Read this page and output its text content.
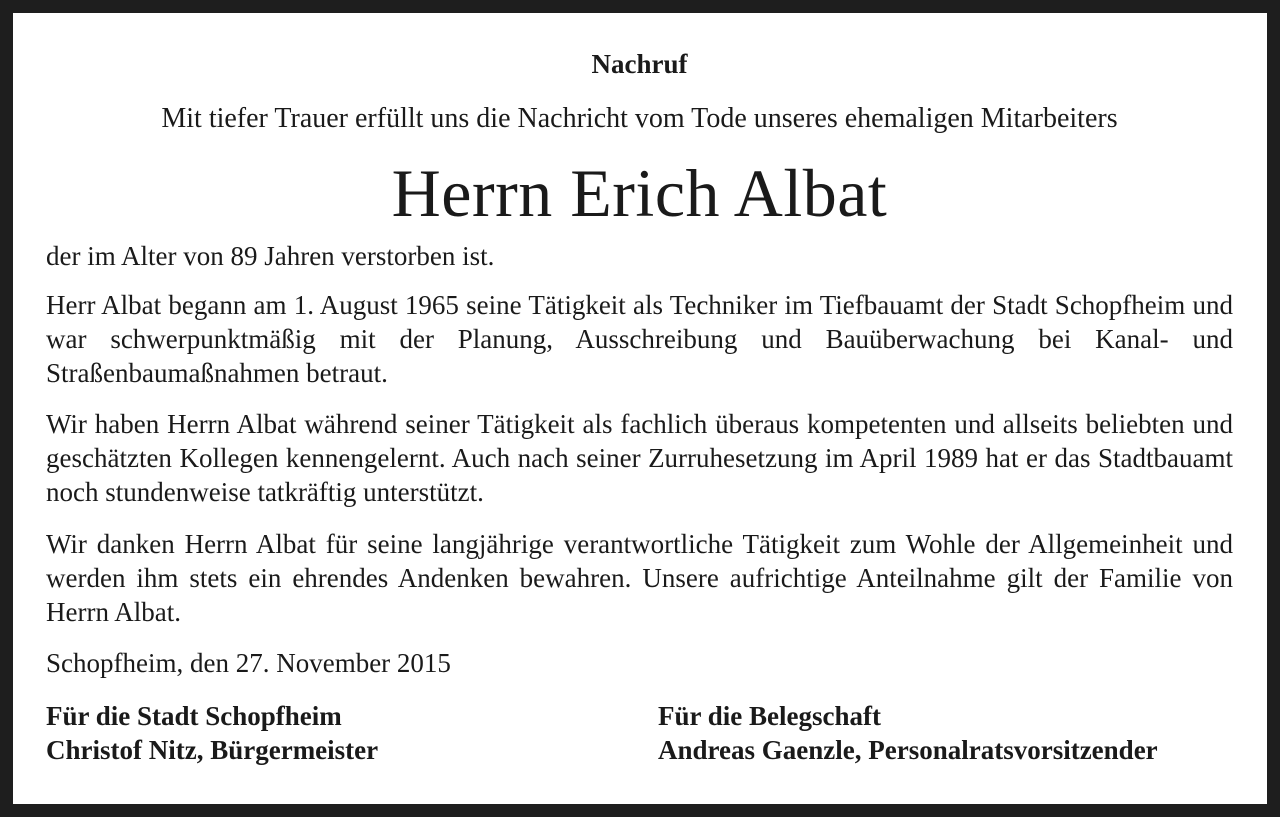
Nachruf
Mit tiefer Trauer erfüllt uns die Nachricht vom Tode unseres ehemaligen Mitarbeiters
Herrn Erich Albat
der im Alter von 89 Jahren verstorben ist.
Herr Albat begann am 1. August 1965 seine Tätigkeit als Techniker im Tiefbauamt der Stadt Schopfheim und war schwerpunktmäßig mit der Planung, Ausschreibung und Bauüberwachung bei Kanal- und Straßenbaumaßnahmen betraut.
Wir haben Herrn Albat während seiner Tätigkeit als fachlich überaus kompetenten und allseits beliebten und geschätzten Kollegen kennengelernt. Auch nach seiner Zurruhesetzung im April 1989 hat er das Stadtbauamt noch stundenweise tatkräftig unterstützt.
Wir danken Herrn Albat für seine langjährige verantwortliche Tätigkeit zum Wohle der Allgemeinheit und werden ihm stets ein ehrendes Andenken bewahren. Unsere aufrichtige Anteilnahme gilt der Familie von Herrn Albat.
Schopfheim, den 27. November 2015
Für die Stadt Schopfheim
Christof Nitz, Bürgermeister
Für die Belegschaft
Andreas Gaenzle, Personalratsvorsitzender
